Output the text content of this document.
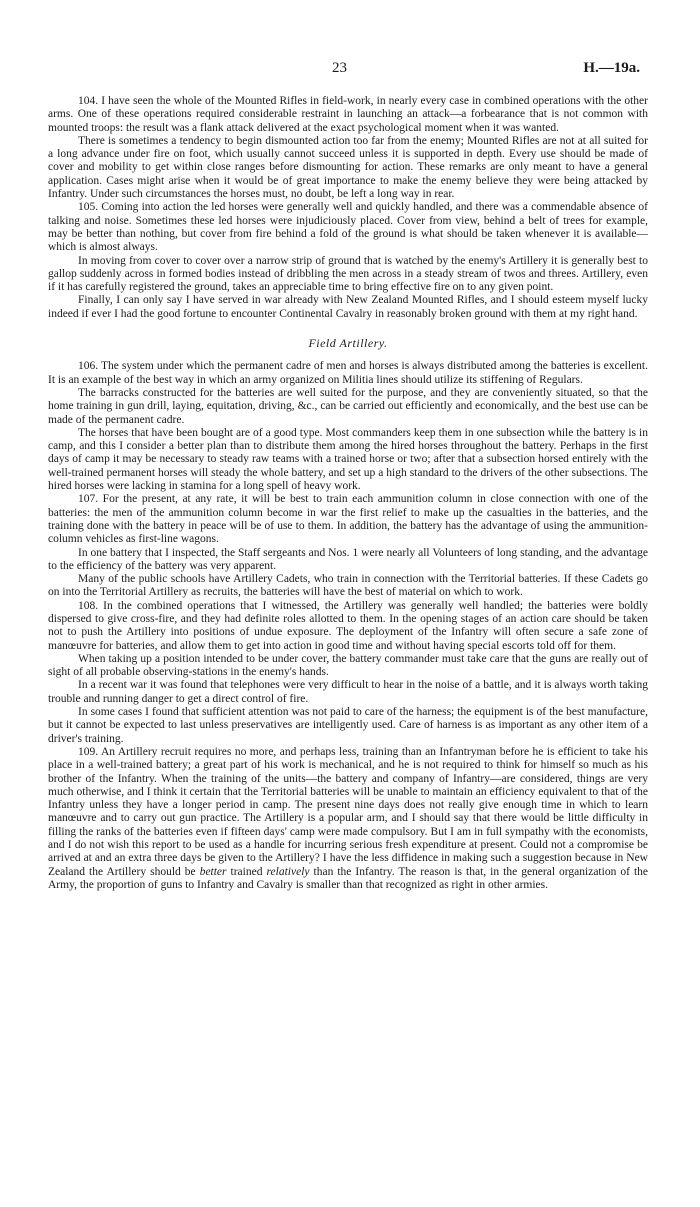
23	H.—19a.

104. I have seen the whole of the Mounted Rifles in field-work, in nearly every case in combined operations with the other arms. One of these operations required considerable restraint in launching an attack—a forbearance that is not common with mounted troops: the result was a flank attack delivered at the exact psychological moment when it was wanted.

There is sometimes a tendency to begin dismounted action too far from the enemy; Mounted Rifles are not at all suited for a long advance under fire on foot, which usually cannot succeed unless it is supported in depth. Every use should be made of cover and mobility to get within close ranges before dismounting for action. These remarks are only meant to have a general application. Cases might arise when it would be of great importance to make the enemy believe they were being attacked by Infantry. Under such circumstances the horses must, no doubt, be left a long way in rear.

105. Coming into action the led horses were generally well and quickly handled, and there was a commendable absence of talking and noise. Sometimes these led horses were injudiciously placed. Cover from view, behind a belt of trees for example, may be better than nothing, but cover from fire behind a fold of the ground is what should be taken whenever it is available—which is almost always.

In moving from cover to cover over a narrow strip of ground that is watched by the enemy's Artillery it is generally best to gallop suddenly across in formed bodies instead of dribbling the men across in a steady stream of twos and threes. Artillery, even if it has carefully registered the ground, takes an appreciable time to bring effective fire on to any given point.

Finally, I can only say I have served in war already with New Zealand Mounted Rifles, and I should esteem myself lucky indeed if ever I had the good fortune to encounter Continental Cavalry in reasonably broken ground with them at my right hand.

Field Artillery.

106. The system under which the permanent cadre of men and horses is always distributed among the batteries is excellent. It is an example of the best way in which an army organized on Militia lines should utilize its stiffening of Regulars.

The barracks constructed for the batteries are well suited for the purpose, and they are conveniently situated, so that the home training in gun drill, laying, equitation, driving, &c., can be carried out efficiently and economically, and the best use can be made of the permanent cadre.

The horses that have been bought are of a good type. Most commanders keep them in one subsection while the battery is in camp, and this I consider a better plan than to distribute them among the hired horses throughout the battery. Perhaps in the first days of camp it may be necessary to steady raw teams with a trained horse or two; after that a subsection horsed entirely with the well-trained permanent horses will steady the whole battery, and set up a high standard to the drivers of the other subsections. The hired horses were lacking in stamina for a long spell of heavy work.

107. For the present, at any rate, it will be best to train each ammunition column in close connection with one of the batteries: the men of the ammunition column become in war the first relief to make up the casualties in the batteries, and the training done with the battery in peace will be of use to them. In addition, the battery has the advantage of using the ammunition-column vehicles as first-line wagons.

In one battery that I inspected, the Staff sergeants and Nos. 1 were nearly all Volunteers of long standing, and the advantage to the efficiency of the battery was very apparent.

Many of the public schools have Artillery Cadets, who train in connection with the Territorial batteries. If these Cadets go on into the Territorial Artillery as recruits, the batteries will have the best of material on which to work.

108. In the combined operations that I witnessed, the Artillery was generally well handled; the batteries were boldly dispersed to give cross-fire, and they had definite roles allotted to them. In the opening stages of an action care should be taken not to push the Artillery into positions of undue exposure. The deployment of the Infantry will often secure a safe zone of manœuvre for batteries, and allow them to get into action in good time and without having special escorts told off for them.

When taking up a position intended to be under cover, the battery commander must take care that the guns are really out of sight of all probable observing-stations in the enemy's hands.

In a recent war it was found that telephones were very difficult to hear in the noise of a battle, and it is always worth taking trouble and running danger to get a direct control of fire.

In some cases I found that sufficient attention was not paid to care of the harness; the equipment is of the best manufacture, but it cannot be expected to last unless preservatives are intelligently used. Care of harness is as important as any other item of a driver's training.

109. An Artillery recruit requires no more, and perhaps less, training than an Infantryman before he is efficient to take his place in a well-trained battery; a great part of his work is mechanical, and he is not required to think for himself so much as his brother of the Infantry. When the training of the units—the battery and company of Infantry—are considered, things are very much otherwise, and I think it certain that the Territorial batteries will be unable to maintain an efficiency equivalent to that of the Infantry unless they have a longer period in camp. The present nine days does not really give enough time in which to learn manœuvre and to carry out gun practice. The Artillery is a popular arm, and I should say that there would be little difficulty in filling the ranks of the batteries even if fifteen days' camp were made compulsory. But I am in full sympathy with the economists, and I do not wish this report to be used as a handle for incurring serious fresh expenditure at present. Could not a compromise be arrived at and an extra three days be given to the Artillery? I have the less diffidence in making such a suggestion because in New Zealand the Artillery should be better trained relatively than the Infantry. The reason is that, in the general organization of the Army, the proportion of guns to Infantry and Cavalry is smaller than that recognized as right in other armies.
